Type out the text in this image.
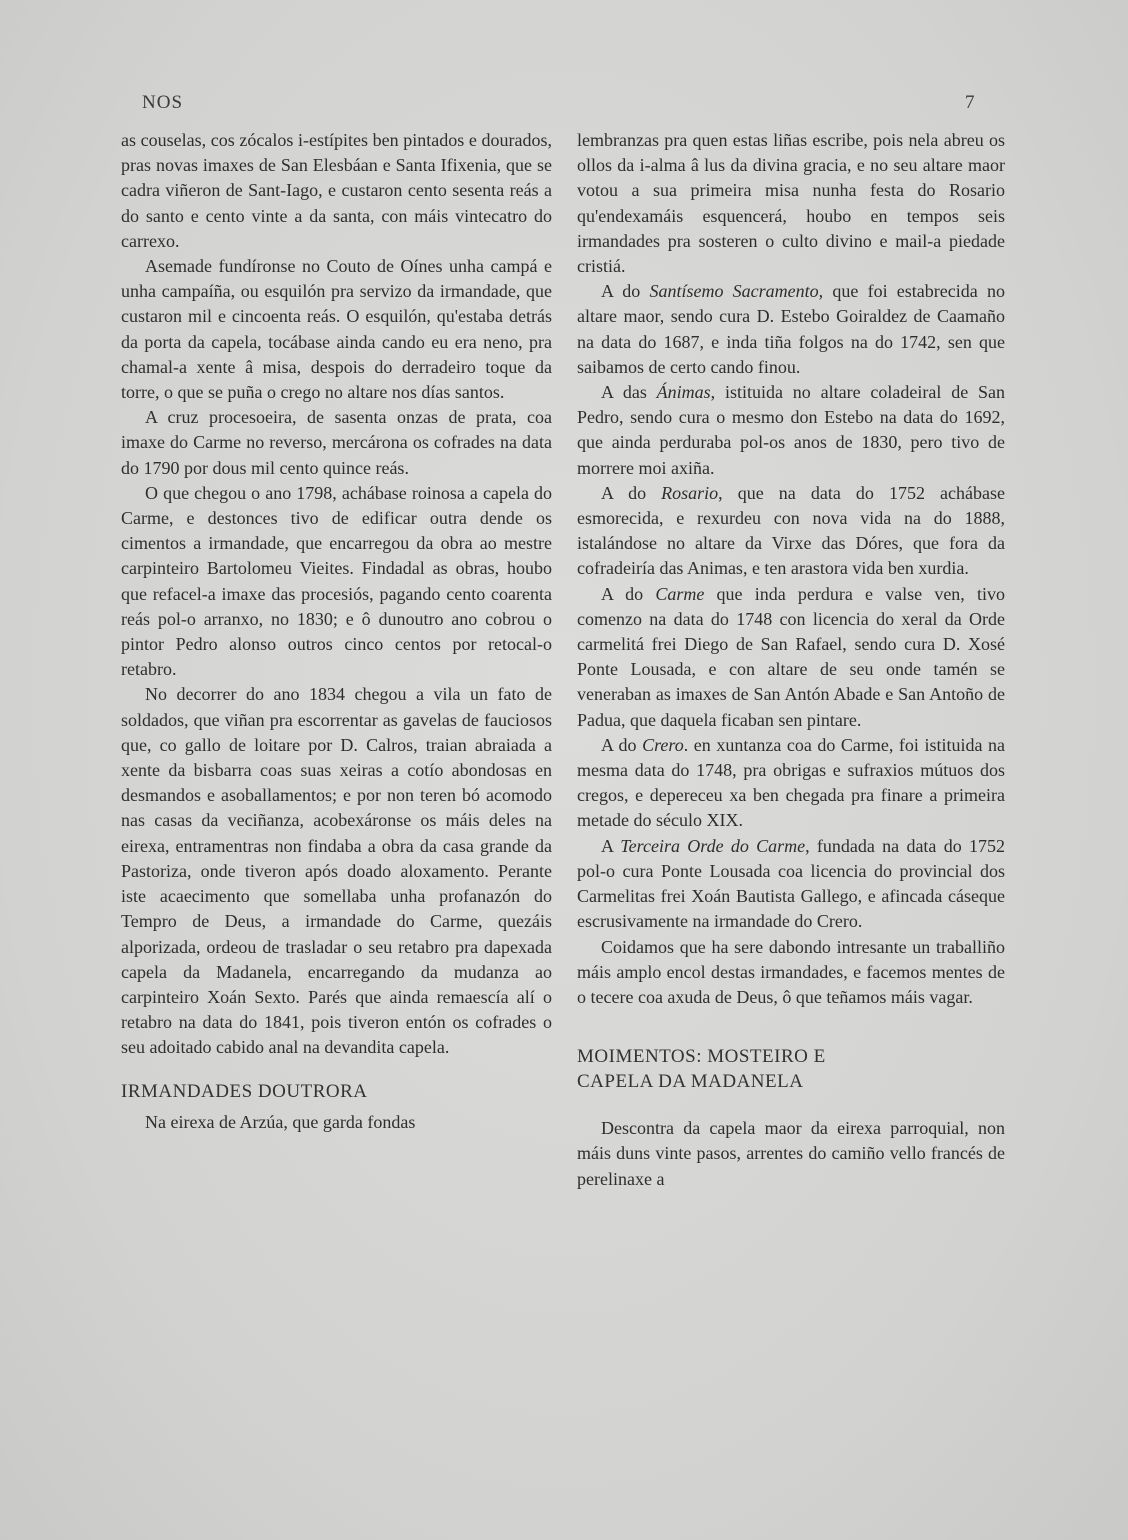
NOS	7

as couselas, cos zócalos i-estípites ben pintados e dourados, pras novas imaxes de San Elesbáan e Santa Ifixenia, que se cadra viñeron de Sant-Iago, e custaron cento sesenta reás a do santo e cento vinte a da santa, con máis vintecatro do carrexo.

Asemade fundíronse no Couto de Oínes unha campá e unha campaíña, ou esquilón pra servizo da irmandade, que custaron mil e cincoenta reás. O esquilón, qu'estaba detrás da porta da capela, tocábase ainda cando eu era neno, pra chamal-a xente â misa, despois do derradeiro toque da torre, o que se puña o crego no altare nos días santos.

A cruz procesoeira, de sasenta onzas de prata, coa imaxe do Carme no reverso, mercárona os cofrades na data do 1790 por dous mil cento quince reás.

O que chegou o ano 1798, achábase roinosa a capela do Carme, e destonces tivo de edificar outra dende os cimentos a irmandade, que encarregou da obra ao mestre carpinteiro Bartolomeu Vieites. Findadal as obras, houbo que refacel-a imaxe das procesiós, pagando cento coarenta reás pol-o arranxo, no 1830; e ô dunoutro ano cobrou o pintor Pedro alonso outros cinco centos por retocal-o retabro.

No decorrer do ano 1834 chegou a vila un fato de soldados, que viñan pra escorrentar as gavelas de fauciosos que, co gallo de loitare por D. Calros, traian abraiada a xente da bisbarra coas suas xeiras a cotío abondosas en desmandos e asoballamentos; e por non teren bó acomodo nas casas da veciñanza, acobexáronse os máis deles na eirexa, entramentras non findaba a obra da casa grande da Pastoriza, onde tiveron após doado aloxamento. Perante iste acaecimento que somellaba unha profanazón do Tempro de Deus, a irmandade do Carme, quezáis alporizada, ordeou de trasladar o seu retabro pra dapexada capela da Madanela, encarregando da mudanza ao carpinteiro Xoán Sexto. Parés que ainda remaescía alí o retabro na data do 1841, pois tiveron entón os cofrades o seu adoitado cabido anal na devandita capela.

IRMANDADES DOUTRORA

Na eirexa de Arzúa, que garda fondas

lembranzas pra quen estas liñas escribe, pois nela abreu os ollos da i-alma â lus da divina gracia, e no seu altare maor votou a sua primeira misa nunha festa do Rosario qu'endexamáis esquencerá, houbo en tempos seis irmandades pra sosteren o culto divino e mail-a piedade cristiá.

A do Santísemo Sacramento, que foi estabrecida no altare maor, sendo cura D. Estebo Goiraldez de Caamaño na data do 1687, e inda tiña folgos na do 1742, sen que saibamos de certo cando finou.

A das Ánimas, istituida no altare coladeiral de San Pedro, sendo cura o mesmo don Estebo na data do 1692, que ainda perduraba pol-os anos de 1830, pero tivo de morrere moi axiña.

A do Rosario, que na data do 1752 achábase esmorecida, e rexurdeu con nova vida na do 1888, istalándose no altare da Virxe das Dóres, que fora da cofradeiría das Animas, e ten arastora vida ben xurdia.

A do Carme que inda perdura e valse ven, tivo comenzo na data do 1748 con licencia do xeral da Orde carmelitá frei Diego de San Rafael, sendo cura D. Xosé Ponte Lousada, e con altare de seu onde tamén se veneraban as imaxes de San Antón Abade e San Antoño de Padua, que daquela ficaban sen pintare.

A do Crero. en xuntanza coa do Carme, foi istituida na mesma data do 1748, pra obrigas e sufraxios mútuos dos cregos, e depereceu xa ben chegada pra finare a primeira metade do século XIX.

A Terceira Orde do Carme, fundada na data do 1752 pol-o cura Ponte Lousada coa licencia do provincial dos Carmelitas frei Xoán Bautista Gallego, e afincada cáseque escrusivamente na irmandade do Crero.

Coidamos que ha sere dabondo intresante un traballiño máis amplo encol destas irmandades, e facemos mentes de o tecere coa axuda de Deus, ô que teñamos máis vagar.

MOIMENTOS: MOSTEIRO E CAPELA DA MADANELA

Descontra da capela maor da eirexa parroquial, non máis duns vinte pasos, arrentes do camiño vello francés de perelinaxe a
